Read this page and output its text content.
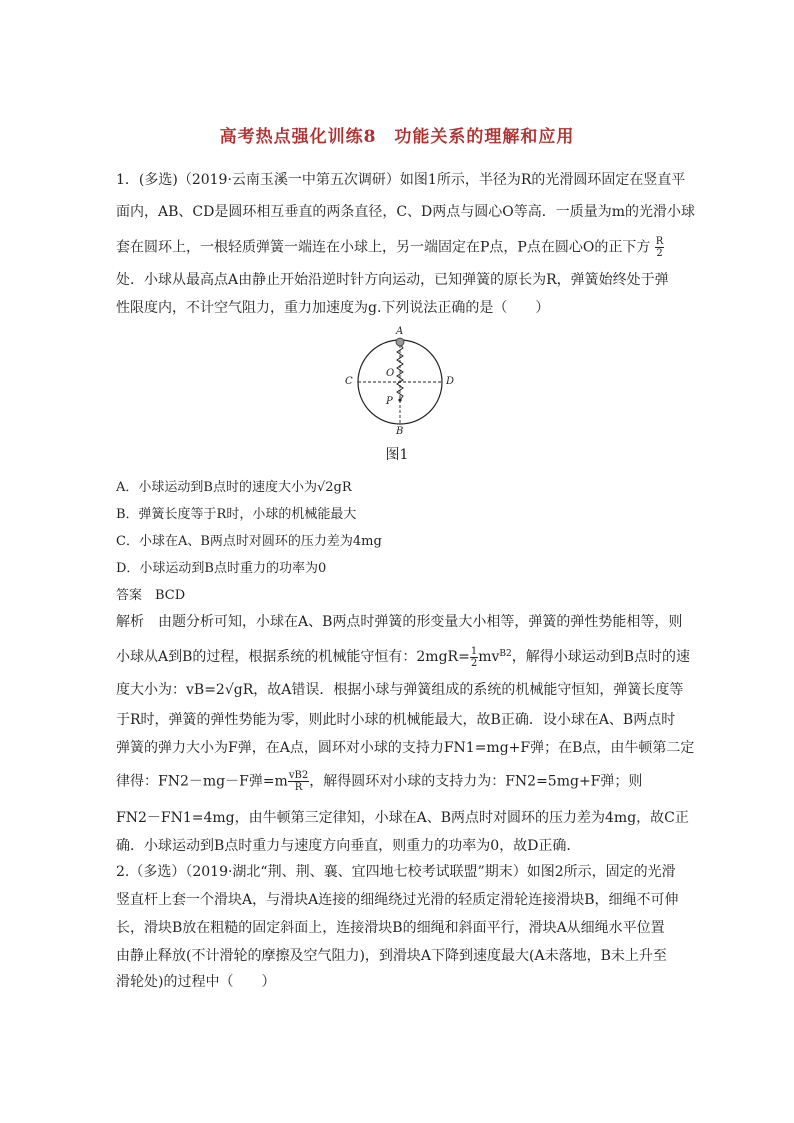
高考热点强化训练8　功能关系的理解和应用
1．(多选)（2019·云南玉溪一中第五次调研）如图1所示，半径为R的光滑圆环固定在竖直平
面内，AB、CD是圆环相互垂直的两条直径，C、D两点与圆心O等高．一质量为m的光滑小球
套在圆环上，一根轻质弹簧一端连在小球上，另一端固定在P点，P点在圆心O的正下方 $\frac{R}{2}$
处．小球从最高点A由静止开始沿逆时针方向运动，已知弹簧的原长为R，弹簧始终处于弹
性限度内，不计空气阻力，重力加速度为g.下列说法正确的是（　　）
A
B
C	D
O
P
图1
A．小球运动到B点时的速度大小为√2gR
B．弹簧长度等于R时，小球的机械能最大
C．小球在A、B两点时对圆环的压力差为4mg
D．小球运动到B点时重力的功率为0
答案　BCD
解析　由题分析可知，小球在A、B两点时弹簧的形变量大小相等，弹簧的弹性势能相等，则
小球从A到B的过程，根据系统的机械能守恒有：$2mgR= \frac{1}{2} mv^{B2}$，解得小球运动到B点时的速
度大小为：vB=2√gR，故A错误．根据小球与弹簧组成的系统的机械能守恒知，弹簧长度等
于R时，弹簧的弹性势能为零，则此时小球的机械能最大，故B正确．设小球在A、B两点时
弹簧的弹力大小为F弹，在A点，圆环对小球的支持力FN1=mg+F弹；在B点，由牛顿第二定
律得：FN2－mg－F弹$=m \frac{vB2}{R}$ ，解得圆环对小球的支持力为：FN2=5mg+F弹；则
FN2－FN1=4mg，由牛顿第三定律知，小球在A、B两点时对圆环的压力差为4mg，故C正
确．小球运动到B点时重力与速度方向垂直，则重力的功率为0，故D正确．
2.（多选）（2019·湖北“荆、荆、襄、宜四地七校考试联盟”期末）如图2所示，固定的光滑
竖直杆上套一个滑块A，与滑块A连接的细绳绕过光滑的轻质定滑轮连接滑块B，细绳不可伸
长，滑块B放在粗糙的固定斜面上，连接滑块B的细绳和斜面平行，滑块A从细绳水平位置
由静止释放(不计滑轮的摩擦及空气阻力)，到滑块A下降到速度最大(A未落地，B未上升至
滑轮处)的过程中（　　）
